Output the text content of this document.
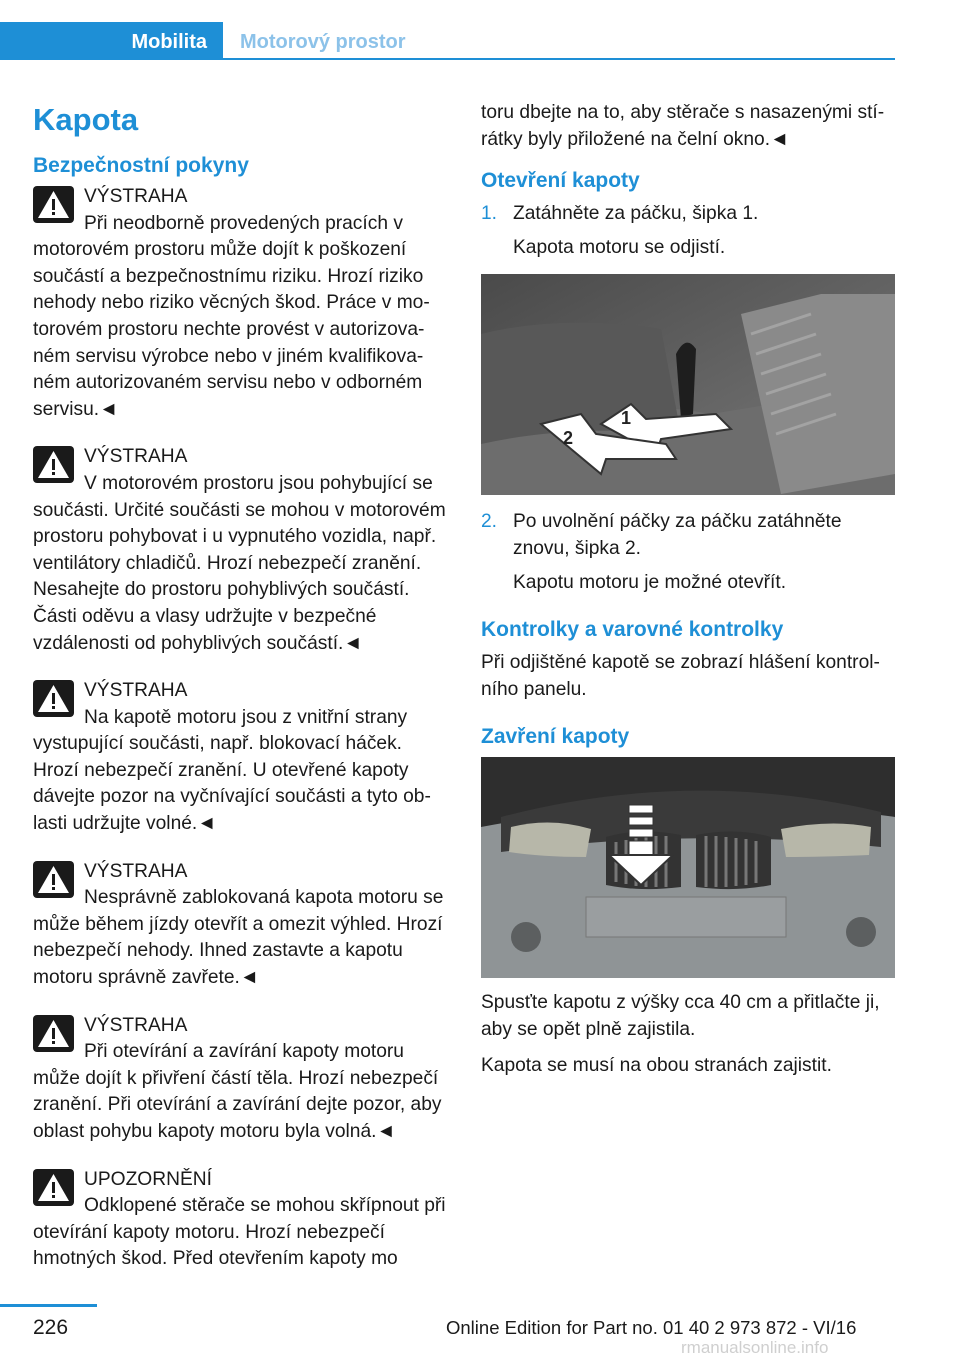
Mobilita	Motorový prostor
Kapota
Bezpečnostní pokyny
VÝSTRAHA

Při neodborně provedených pracích v motorovém prostoru může dojít k poškození součástí a bezpečnostnímu riziku. Hrozí riziko nehody nebo riziko věcných škod. Práce v motorovém prostoru nechte provést v autorizovaném servisu výrobce nebo v jiném kvalifikovaném autorizovaném servisu nebo v odborném servisu.◄

VÝSTRAHA

V motorovém prostoru jsou pohybující se součásti. Určité součásti se mohou v motorovém prostoru pohybovat i u vypnutého vozidla, např. ventilátory chladičů. Hrozí nebezpečí zranění. Nesahejte do prostoru pohyblivých součástí. Části oděvu a vlasy udržujte v bezpečné vzdálenosti od pohyblivých součástí.◄

VÝSTRAHA

Na kapotě motoru jsou z vnitřní strany vystupující součásti, např. blokovací háček. Hrozí nebezpečí zranění. U otevřené kapoty dávejte pozor na vyčnívající součásti a tyto oblasti udržujte volné.◄

VÝSTRAHA

Nesprávně zablokovaná kapota motoru se může během jízdy otevřít a omezit výhled. Hrozí nebezpečí nehody. Ihned zastavte a kapotu motoru správně zavřete.◄

VÝSTRAHA

Při otevírání a zavírání kapoty motoru může dojít k přivření částí těla. Hrozí nebezpečí zranění. Při otevírání a zavírání dejte pozor, aby oblast pohybu kapoty motoru byla volná.◄

UPOZORNĚNÍ

Odklopené stěrače se mohou skřípnout při otevírání kapoty motoru. Hrozí nebezpečí hmotných škod. Před otevřením kapoty mo

toru dbejte na to, aby stěrače s nasazenými stírátky byly přiložené na čelní okno.◄

Otevření kapoty
1. Zatáhněte za páčku, šipka 1.

Kapota motoru se odjistí.

1
2
2. Po uvolnění páčky za páčku zatáhněte znovu, šipka 2.

Kapotu motoru je možné otevřít.

Kontrolky a varovné kontrolky

Při odjištěné kapotě se zobrazí hlášení kontrolního panelu.

Zavření kapoty

Spusťte kapotu z výšky cca 40 cm a přitlačte ji, aby se opět plně zajistila.

Kapota se musí na obou stranách zajistit.

226	Online Edition for Part no. 01 40 2 973 872 - VI/16
rmanualsonline.info
